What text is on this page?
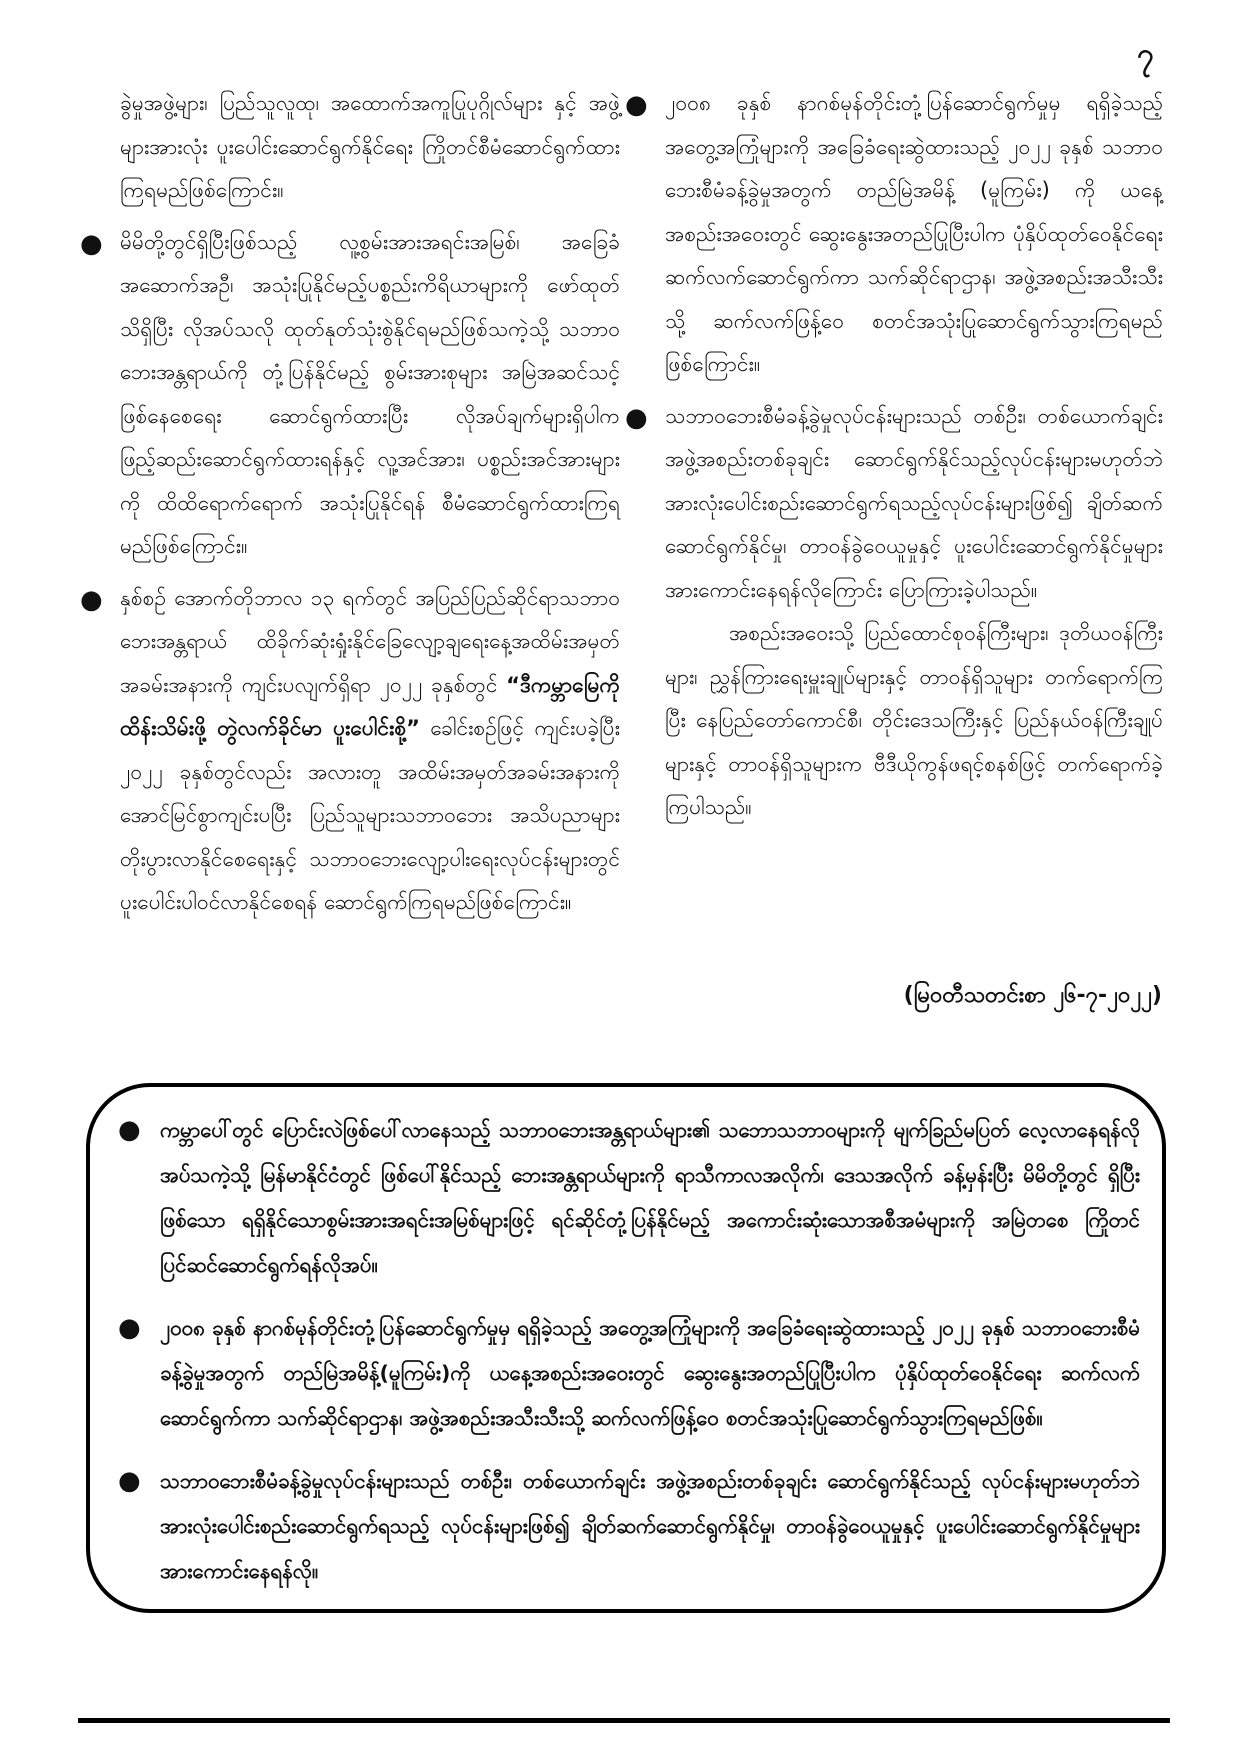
၇

ခွဲမှုအဖွဲ့များ၊ ပြည်သူလူထု၊ အထောက်အကူပြုပုဂ္ဂိုလ်များ နှင့် အဖွဲ့များအားလုံး ပူးပေါင်းဆောင်ရွက်နိုင်ရေး ကြိုတင်စီမံဆောင်ရွက်ထားကြရမည်ဖြစ်ကြောင်း။

● မိမိတို့တွင်ရှိပြီးဖြစ်သည့် လူ့စွမ်းအားအရင်းအမြစ်၊ အခြေခံအဆောက်အဦ၊ အသုံးပြုနိုင်မည့်ပစ္စည်းကိရိယာများကို ဖော်ထုတ်သိရှိပြီး လိုအပ်သလို ထုတ်နုတ်သုံးစွဲနိုင်ရမည်ဖြစ်သကဲ့သို့ သဘာဝဘေးအန္တရာယ်ကို တုံ့ပြန်နိုင်မည့် စွမ်းအားစုများ အမြဲအဆင်သင့်ဖြစ်နေစေရေး ဆောင်ရွက်ထားပြီး လိုအပ်ချက်များရှိပါက ဖြည့်ဆည်းဆောင်ရွက်ထားရန်နှင့် လူ့အင်အား၊ ပစ္စည်းအင်အားများကို ထိထိရောက်ရောက် အသုံးပြုနိုင်ရန် စီမံဆောင်ရွက်ထားကြရမည်ဖြစ်ကြောင်း။
● နှစ်စဉ် အောက်တိုဘာလ ၁၃ ရက်တွင် အပြည်ပြည်ဆိုင်ရာသဘာဝဘေးအန္တရာယ် ထိခိုက်ဆုံးရှုံးနိုင်ခြေလျော့ချရေးနေ့အထိမ်းအမှတ်အခမ်းအနားကို ကျင်းပလျက်ရှိရာ ၂၀၂၂ ခုနှစ်တွင် “ဒီကမ္ဘာမြေကို ထိန်းသိမ်းဖို့ တွဲလက်ခိုင်မာ ပူးပေါင်းစို့” ခေါင်းစဉ်ဖြင့် ကျင်းပခဲ့ပြီး ၂၀၂၂ ခုနှစ်တွင်လည်း အလားတူ အထိမ်းအမှတ်အခမ်းအနားကို အောင်မြင်စွာကျင်းပပြီး ပြည်သူများသဘာဝဘေး အသိပညာများတိုးပွားလာနိုင်စေရေးနှင့် သဘာဝဘေးလျော့ပါးရေးလုပ်ငန်းများတွင် ပူးပေါင်းပါဝင်လာနိုင်စေရန် ဆောင်ရွက်ကြရမည်ဖြစ်ကြောင်း။
● ၂၀၀၈ ခုနှစ် နာဂစ်မုန်တိုင်းတုံ့ပြန်ဆောင်ရွက်မှုမှ ရရှိခဲ့သည့် အတွေ့အကြုံများကို အခြေခံရေးဆွဲထားသည့် ၂၀၂၂ ခုနှစ် သဘာဝဘေးစီမံခန့်ခွဲမှုအတွက် တည်မြဲအမိန့် (မူကြမ်း) ကို ယနေ့အစည်းအဝေးတွင် ဆွေးနွေးအတည်ပြုပြီးပါက ပုံနှိပ်ထုတ်ဝေနိုင်ရေး ဆက်လက်ဆောင်ရွက်ကာ သက်ဆိုင်ရာဌာန၊ အဖွဲ့အစည်းအသီးသီးသို့ ဆက်လက်ဖြန့်ဝေ စတင်အသုံးပြုဆောင်ရွက်သွားကြရမည်ဖြစ်ကြောင်း။
● သဘာဝဘေးစီမံခန့်ခွဲမှုလုပ်ငန်းများသည် တစ်ဦး၊ တစ်ယောက်ချင်း အဖွဲ့အစည်းတစ်ခုချင်း ဆောင်ရွက်နိုင်သည့်လုပ်ငန်းများမဟုတ်ဘဲ အားလုံးပေါင်းစည်းဆောင်ရွက်ရသည့်လုပ်ငန်းများဖြစ်၍ ချိတ်ဆက်ဆောင်ရွက်နိုင်မှု၊ တာဝန်ခွဲဝေယူမှုနှင့် ပူးပေါင်းဆောင်ရွက်နိုင်မှုများ အားကောင်းနေရန်လိုကြောင်း ပြောကြားခဲ့ပါသည်။

အစည်းအဝေးသို့ ပြည်ထောင်စုဝန်ကြီးများ၊ ဒုတိယဝန်ကြီးများ၊ ညွှန်ကြားရေးမှူးချုပ်များနှင့် တာဝန်ရှိသူများ တက်ရောက်ကြပြီး နေပြည်တော်ကောင်စီ၊ တိုင်းဒေသကြီးနှင့် ပြည်နယ်ဝန်ကြီးချုပ်များနှင့် တာဝန်ရှိသူများက ဗီဒီယိုကွန်ဖရင့်စနစ်ဖြင့် တက်ရောက်ခဲ့ကြပါသည်။

(မြဝတီသတင်းစာ ၂၆-၇-၂၀၂၂)
● ကမ္ဘာပေါ်တွင် ပြောင်းလဲဖြစ်ပေါ်လာနေသည့် သဘာဝဘေးအန္တရာယ်များ၏ သဘောသဘာဝများကို မျက်ခြည်မပြတ် လေ့လာနေရန်လိုအပ်သကဲ့သို့ မြန်မာနိုင်ငံတွင် ဖြစ်ပေါ်နိုင်သည့် ဘေးအန္တရာယ်များကို ရာသီကာလအလိုက်၊ ဒေသအလိုက် ခန့်မှန်းပြီး မိမိတို့တွင် ရှိပြီးဖြစ်သော ရရှိနိုင်သောစွမ်းအားအရင်းအမြစ်များဖြင့် ရင်ဆိုင်တုံ့ပြန်နိုင်မည့် အကောင်းဆုံးသောအစီအမံများကို အမြဲတစေ ကြိုတင်ပြင်ဆင်ဆောင်ရွက်ရန်လိုအပ်။
● ၂၀၀၈ ခုနှစ် နာဂစ်မုန်တိုင်းတုံ့ပြန်ဆောင်ရွက်မှုမှ ရရှိခဲ့သည့် အတွေ့အကြုံများကို အခြေခံရေးဆွဲထားသည့် ၂၀၂၂ ခုနှစ် သဘာဝဘေးစီမံခန့်ခွဲမှုအတွက် တည်မြဲအမိန့်(မူကြမ်း)ကို ယနေ့အစည်းအဝေးတွင် ဆွေးနွေးအတည်ပြုပြီးပါက ပုံနှိပ်ထုတ်ဝေနိုင်ရေး ဆက်လက်ဆောင်ရွက်ကာ သက်ဆိုင်ရာဌာန၊ အဖွဲ့အစည်းအသီးသီးသို့ ဆက်လက်ဖြန့်ဝေ စတင်အသုံးပြုဆောင်ရွက်သွားကြရမည်ဖြစ်။
● သဘာဝဘေးစီမံခန့်ခွဲမှုလုပ်ငန်းများသည် တစ်ဦး၊ တစ်ယောက်ချင်း အဖွဲ့အစည်းတစ်ခုချင်း ဆောင်ရွက်နိုင်သည့် လုပ်ငန်းများမဟုတ်ဘဲ အားလုံးပေါင်းစည်းဆောင်ရွက်ရသည့် လုပ်ငန်းများဖြစ်၍ ချိတ်ဆက်ဆောင်ရွက်နိုင်မှု၊ တာဝန်ခွဲဝေယူမှုနှင့် ပူးပေါင်းဆောင်ရွက်နိုင်မှုများ အားကောင်းနေရန်လို။
